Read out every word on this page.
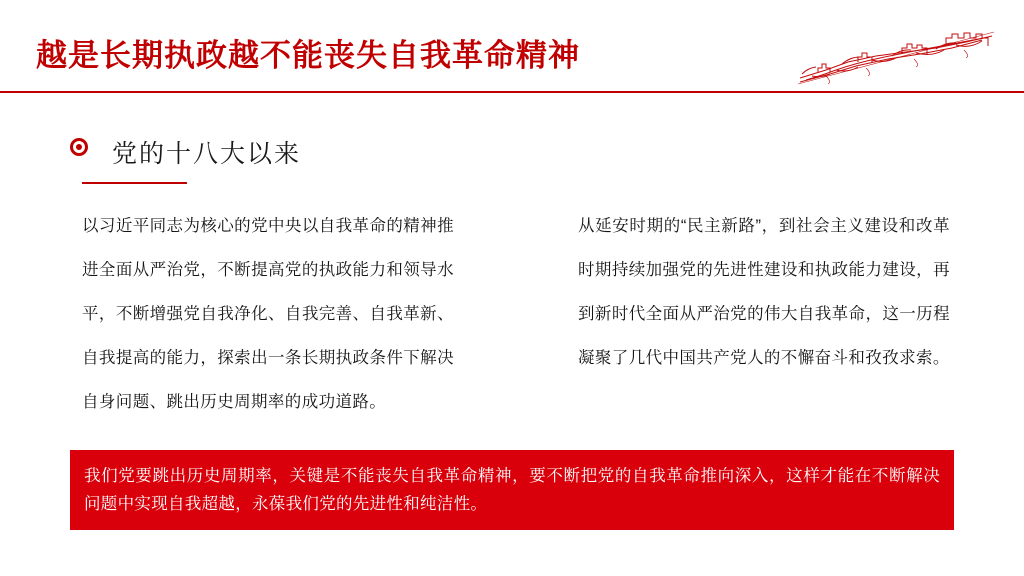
越是长期执政越不能丧失自我革命精神
党的十八大以来
以习近平同志为核心的党中央以自我革命的精神推进全面从严治党，不断提高党的执政能力和领导水平，不断增强党自我净化、自我完善、自我革新、自我提高的能力，探索出一条长期执政条件下解决自身问题、跳出历史周期率的成功道路。
从延安时期的“民主新路”，到社会主义建设和改革时期持续加强党的先进性建设和执政能力建设，再到新时代全面从严治党的伟大自我革命，这一历程凝聚了几代中国共产党人的不懈奋斗和孜孜求索。
我们党要跳出历史周期率，关键是不能丧失自我革命精神，要不断把党的自我革命推向深入，这样才能在不断解决问题中实现自我超越，永葆我们党的先进性和纯洁性。
